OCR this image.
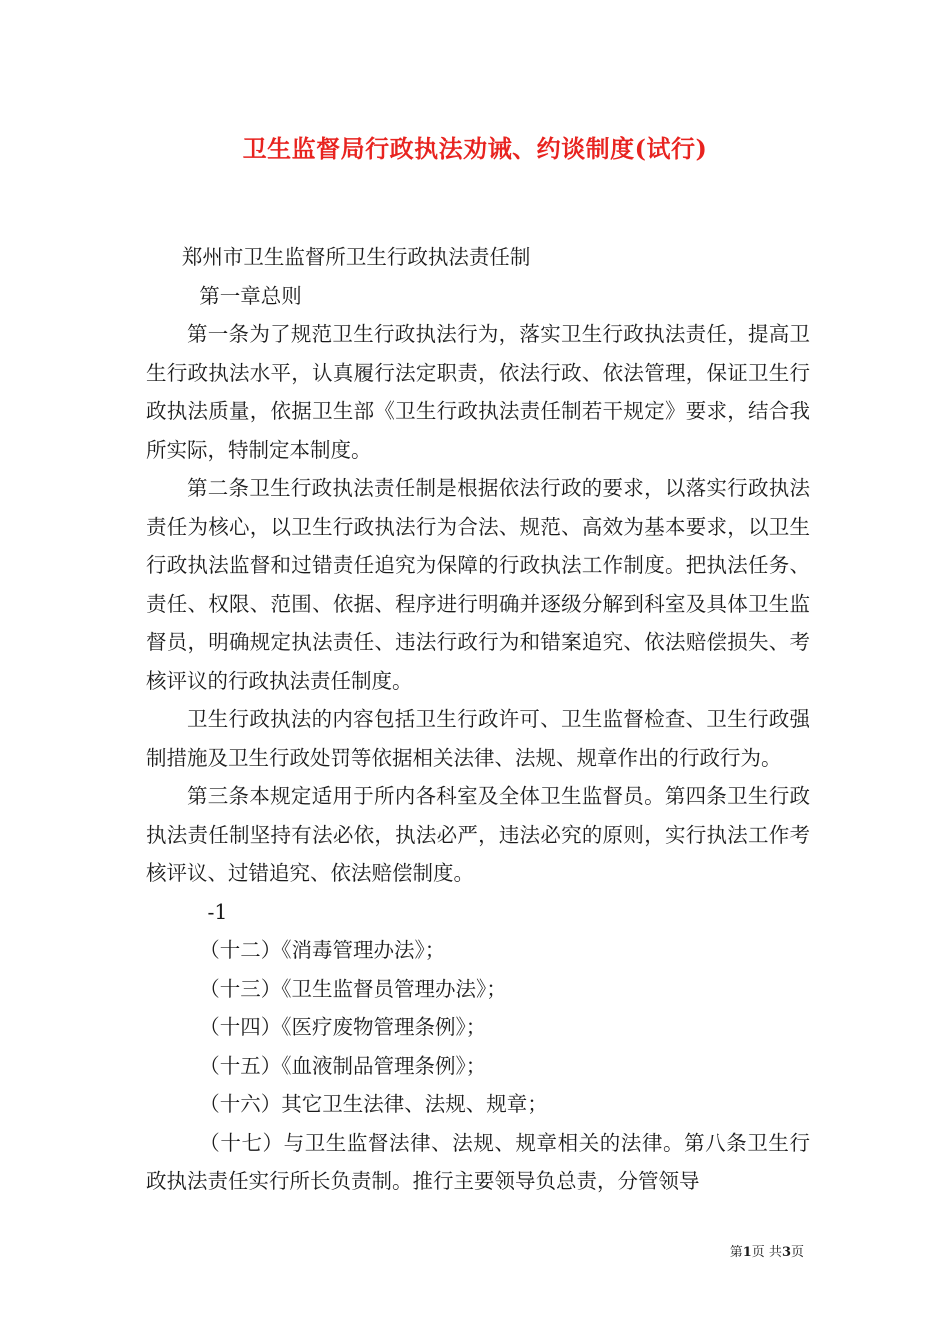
卫生监督局行政执法劝诫、约谈制度(试行)

郑州市卫生监督所卫生行政执法责任制

第一章总则

第一条为了规范卫生行政执法行为，落实卫生行政执法责任，提高卫生行政执法水平，认真履行法定职责，依法行政、依法管理，保证卫生行政执法质量，依据卫生部《卫生行政执法责任制若干规定》要求，结合我所实际，特制定本制度。

第二条卫生行政执法责任制是根据依法行政的要求，以落实行政执法责任为核心，以卫生行政执法行为合法、规范、高效为基本要求，以卫生行政执法监督和过错责任追究为保障的行政执法工作制度。把执法任务、责任、权限、范围、依据、程序进行明确并逐级分解到科室及具体卫生监督员，明确规定执法责任、违法行政行为和错案追究、依法赔偿损失、考核评议的行政执法责任制度。

卫生行政执法的内容包括卫生行政许可、卫生监督检查、卫生行政强制措施及卫生行政处罚等依据相关法律、法规、规章作出的行政行为。

第三条本规定适用于所内各科室及全体卫生监督员。第四条卫生行政执法责任制坚持有法必依，执法必严，违法必究的原则，实行执法工作考核评议、过错追究、依法赔偿制度。

-1

（十二）《消毒管理办法》；

（十三）《卫生监督员管理办法》；

（十四）《医疗废物管理条例》；

（十五）《血液制品管理条例》；

（十六）其它卫生法律、法规、规章；

（十七）与卫生监督法律、法规、规章相关的法律。第八条卫生行政执法责任实行所长负责制。推行主要领导负总责，分管领导

第1页 共3页
